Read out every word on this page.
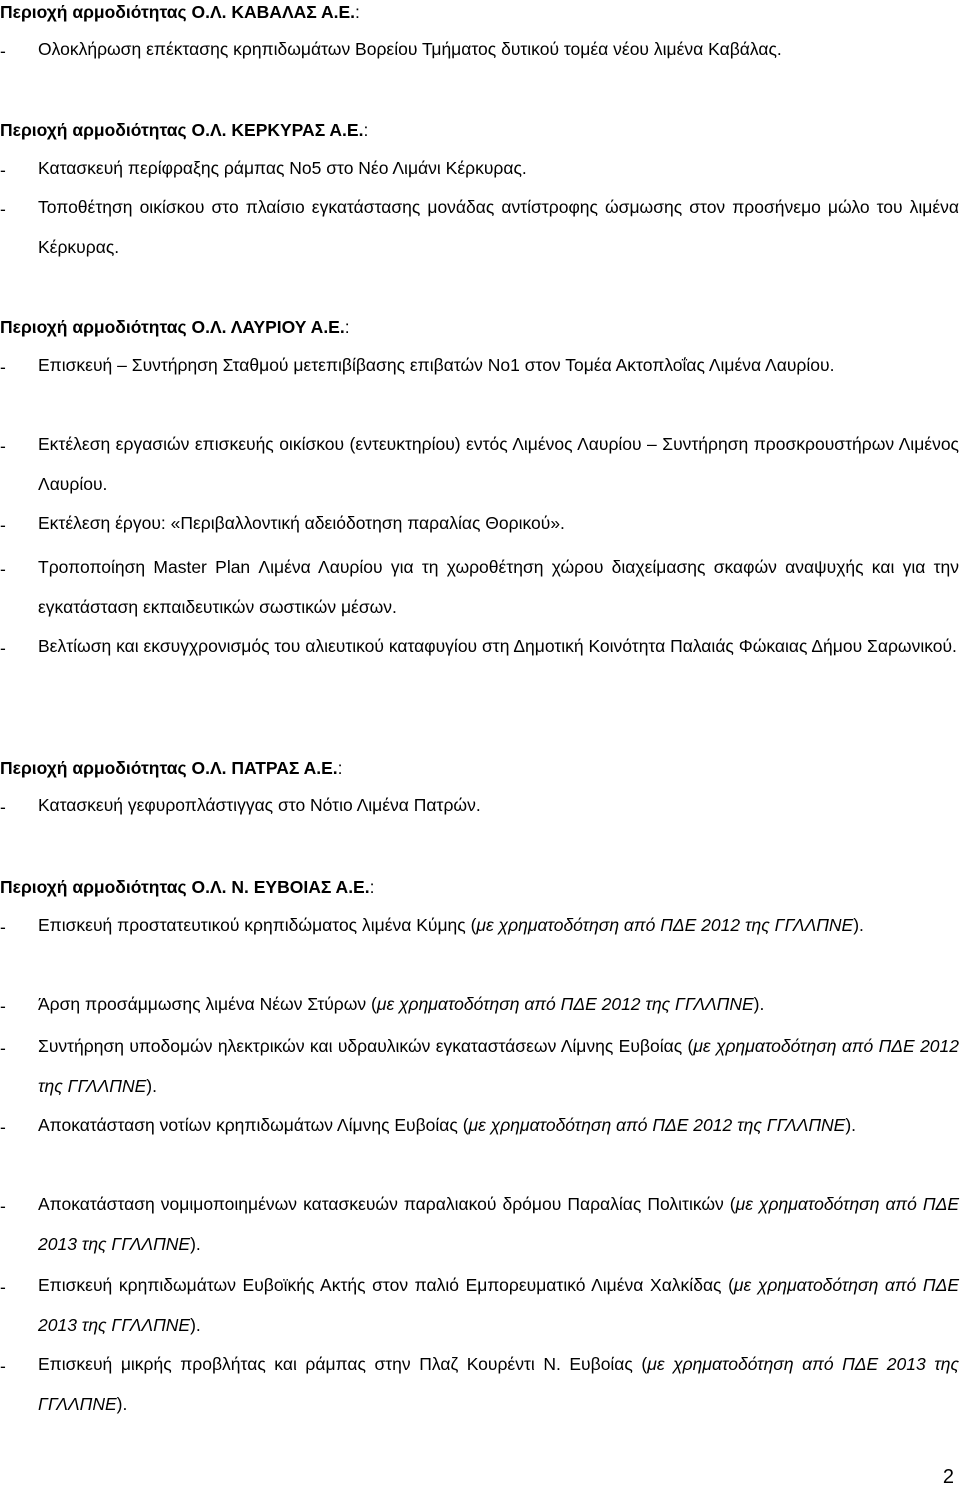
Περιοχή αρμοδιότητας Ο.Λ. ΚΑΒΑΛΑΣ Α.Ε.:
- Ολοκλήρωση επέκτασης κρηπιδωμάτων Βορείου Τμήματος δυτικού τομέα νέου λιμένα Καβάλας.
Περιοχή αρμοδιότητας Ο.Λ. ΚΕΡΚΥΡΑΣ Α.Ε.:
- Κατασκευή περίφραξης ράμπας Νο5 στο Νέο Λιμάνι Κέρκυρας.
- Τοποθέτηση οικίσκου στο πλαίσιο εγκατάστασης μονάδας αντίστροφης ώσμωσης στον προσήνεμο μώλο του λιμένα Κέρκυρας.
Περιοχή αρμοδιότητας Ο.Λ. ΛΑΥΡΙΟΥ Α.Ε.:
- Επισκευή – Συντήρηση Σταθμού μετεπιβίβασης επιβατών Νο1 στον Τομέα Ακτοπλοΐας Λιμένα Λαυρίου.
- Εκτέλεση εργασιών επισκευής οικίσκου (εντευκτηρίου) εντός Λιμένος Λαυρίου – Συντήρηση προσκρουστήρων Λιμένος Λαυρίου.
- Εκτέλεση έργου: «Περιβαλλοντική αδειόδοτηση παραλίας Θορικού».
- Τροποποίηση Master Plan Λιμένα Λαυρίου για τη χωροθέτηση χώρου διαχείμασης σκαφών αναψυχής και για την εγκατάσταση εκπαιδευτικών σωστικών μέσων.
- Βελτίωση και εκσυγχρονισμός του αλιευτικού καταφυγίου στη Δημοτική Κοινότητα Παλαιάς Φώκαιας Δήμου Σαρωνικού.
Περιοχή αρμοδιότητας Ο.Λ. ΠΑΤΡΑΣ Α.Ε.:
- Κατασκευή γεφυροπλάστιγγας στο Νότιο Λιμένα Πατρών.
Περιοχή αρμοδιότητας Ο.Λ. Ν. ΕΥΒΟΙΑΣ Α.Ε.:
- Επισκευή προστατευτικού κρηπιδώματος λιμένα Κύμης (με χρηματοδότηση από ΠΔΕ 2012 της ΓΓΛΛΠΝΕ).
- Άρση προσάμμωσης λιμένα Νέων Στύρων (με χρηματοδότηση από ΠΔΕ 2012 της ΓΓΛΛΠΝΕ).
- Συντήρηση υποδομών ηλεκτρικών και υδραυλικών εγκαταστάσεων Λίμνης Ευβοίας (με χρηματοδότηση από ΠΔΕ 2012 της ΓΓΛΛΠΝΕ).
- Αποκατάσταση νοτίων κρηπιδωμάτων Λίμνης Ευβοίας (με χρηματοδότηση από ΠΔΕ 2012 της ΓΓΛΛΠΝΕ).
- Αποκατάσταση νομιμοποιημένων κατασκευών παραλιακού δρόμου Παραλίας Πολιτικών (με χρηματοδότηση από ΠΔΕ 2013 της ΓΓΛΛΠΝΕ).
- Επισκευή κρηπιδωμάτων Ευβοϊκής Ακτής στον παλιό Εμπορευματικό Λιμένα Χαλκίδας (με χρηματοδότηση από ΠΔΕ 2013 της ΓΓΛΛΠΝΕ).
- Επισκευή μικρής προβλήτας και ράμπας στην Πλαζ Κουρέντι Ν. Ευβοίας (με χρηματοδότηση από ΠΔΕ 2013 της ΓΓΛΛΠΝΕ).
2
